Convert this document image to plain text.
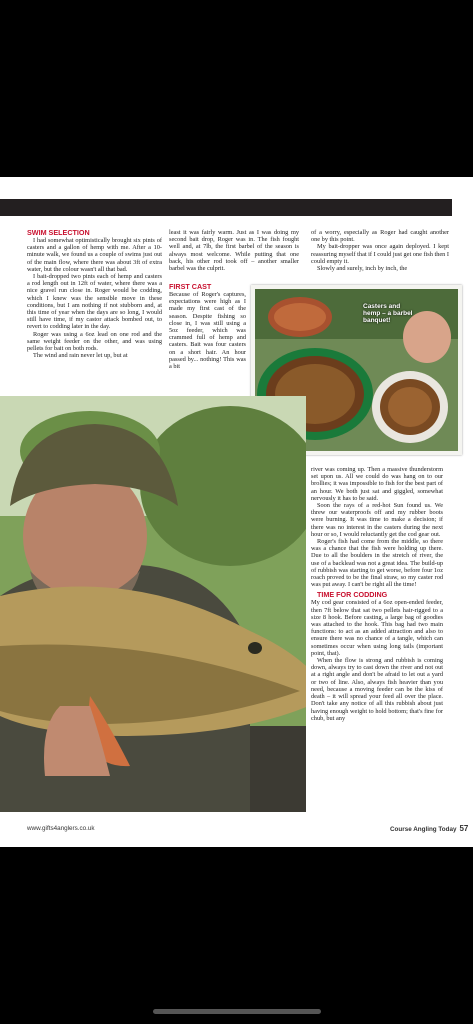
SWIM SELECTION

I had somewhat optimistically brought six pints of casters and a gallon of hemp with me. After a 10-minute walk, we found us a couple of swims just out of the main flow, where there was about 3ft of extra water, but the colour wasn't all that bad.

I bait-dropped two pints each of hemp and casters a rod length out in 12ft of water, where there was a nice gravel run close in. Roger would be codding, which I knew was the sensible move in these conditions, but I am nothing if not stubborn and, at this time of year when the days are so long, I would still have time, if my castor attack bombed out, to revert to codding later in the day.

Roger was using a 6oz lead on one rod and the same weight feeder on the other, and was using pellets for bait on both rods.

The wind and rain never let up, but at

least it was fairly warm. Just as I was doing my second bait drop, Roger was in. The fish fought well and, at 7lb, the first barbel of the season is always most welcome. While putting that one back, his other rod took off – another smaller barbel was the culprit.

FIRST CAST

Because of Roger's captures, expectations were high as I made my first cast of the season. Despite fishing so close in, I was still using a 5oz feeder, which was crammed full of hemp and casters. Bait was four casters on a short hair. An hour passed by... nothing! This was a bit

of a worry, especially as Roger had caught another one by this point.

My bait-dropper was once again deployed. I kept reassuring myself that if I could just get one fish then I could empty it.

Slowly and surely, inch by inch, the

Casters and hemp – a barbel banquet!

river was coming up. Then a massive thunderstorm set upon us. All we could do was hang on to our brollies; it was impossible to fish for the best part of an hour. We both just sat and giggled, somewhat nervously it has to be said.

Soon the rays of a red-hot Sun found us. We threw our waterproofs off and my rubber boots were burning. It was time to make a decision; if there was no interest in the casters during the next hour or so, I would reluctantly get the cod gear out.

Roger's fish had come from the middle, so there was a chance that the fish were holding up there. Due to all the boulders in the stretch of river, the use of a backlead was not a great idea. The build-up of rubbish was starting to get worse, before four 1oz roach proved to be the final straw, so my caster rod was put away. I can't be right all the time!

TIME FOR CODDING

My cod gear consisted of a 6oz open-ended feeder, then 7ft below that sat two pellets hair-rigged to a size 8 hook. Before casting, a large bag of goodies was attached to the hook. This bag had two main functions: to act as an added attraction and also to ensure there was no chance of a tangle, which can sometimes occur when using long tails (important point, that).

When the flow is strong and rubbish is coming down, always try to cast down the river and not out at a right angle and don't be afraid to let out a yard or two of line. Also, always fish heavier than you need, because a moving feeder can be the kiss of death – it will spread your feed all over the place. Don't take any notice of all this rubbish about just having enough weight to hold bottom; that's fine for chub, but any

www.gifts4anglers.co.uk	Course Angling Today 57
